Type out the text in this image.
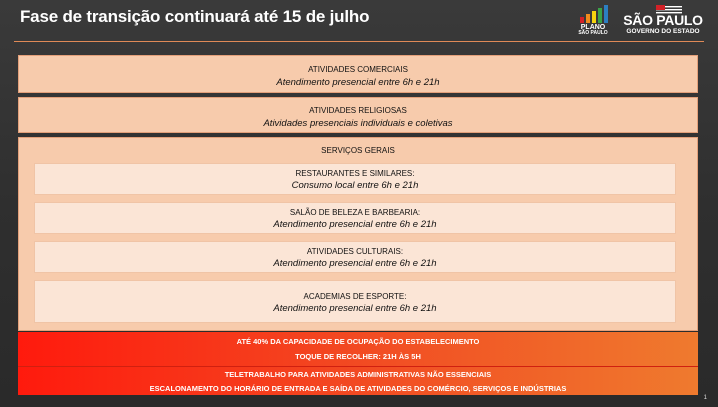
Fase de transição continuará até 15 de julho
PLANO
SÃO PAULO
SÃO PAULO
GOVERNO DO ESTADO
ATIVIDADES COMERCIAIS
Atendimento presencial entre 6h e 21h
ATIVIDADES RELIGIOSAS
Atividades presenciais individuais e coletivas
SERVIÇOS GERAIS
RESTAURANTES E SIMILARES:
Consumo local entre 6h e 21h
SALÃO DE BELEZA E BARBEARIA:
Atendimento presencial entre 6h e 21h
ATIVIDADES CULTURAIS:
Atendimento presencial entre 6h e 21h
ACADEMIAS DE ESPORTE:
Atendimento presencial entre 6h e 21h
ATÉ 40% DA CAPACIDADE DE OCUPAÇÃO DO ESTABELECIMENTO
TOQUE DE RECOLHER: 21H ÀS 5H
TELETRABALHO PARA ATIVIDADES ADMINISTRATIVAS NÃO ESSENCIAIS
ESCALONAMENTO DO HORÁRIO DE ENTRADA E SAÍDA DE ATIVIDADES DO COMÉRCIO, SERVIÇOS E INDÚSTRIAS
1
